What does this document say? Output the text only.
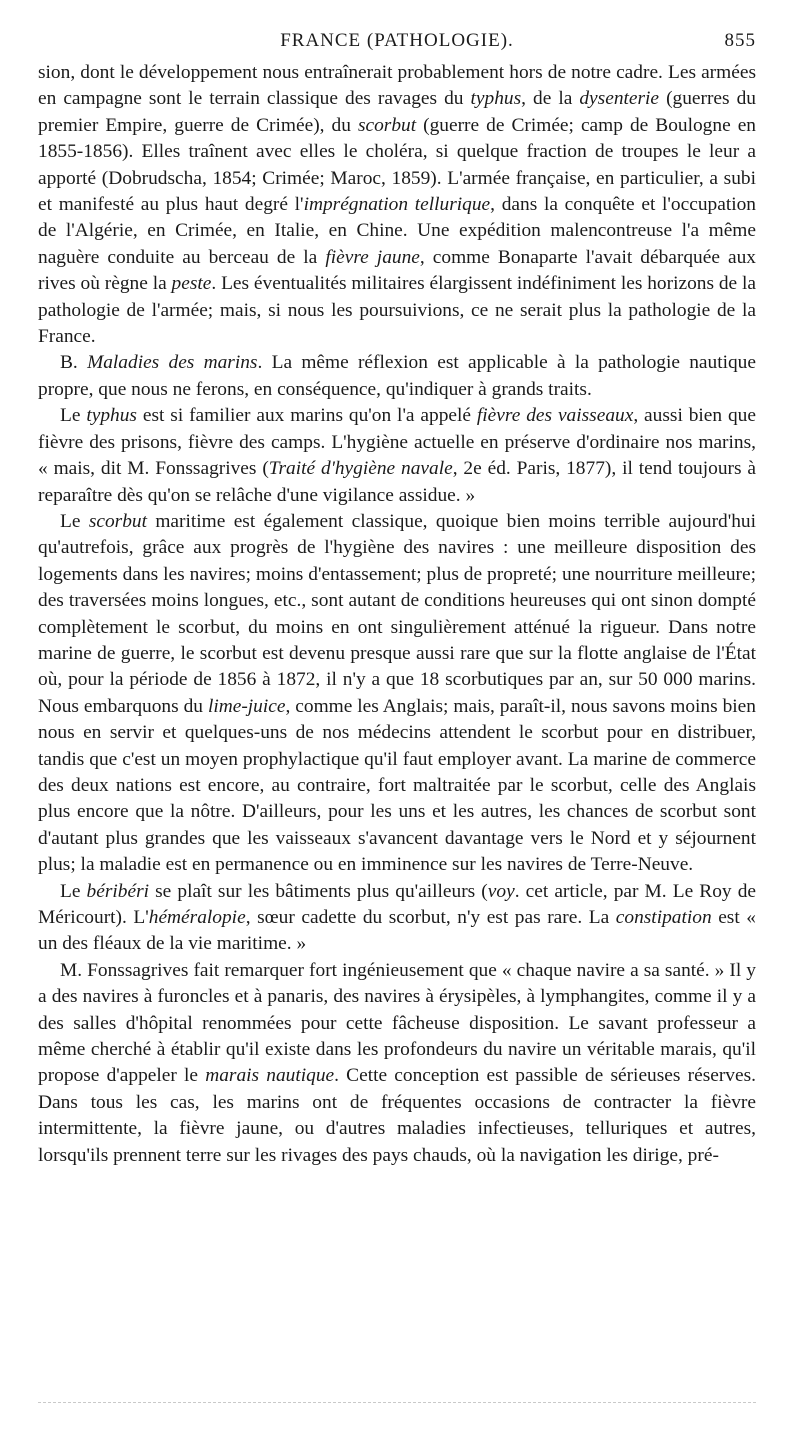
FRANCE (PATHOLOGIE).	855

sion, dont le développement nous entraînerait probablement hors de notre cadre. Les armées en campagne sont le terrain classique des ravages du typhus, de la dysenterie (guerres du premier Empire, guerre de Crimée), du scorbut (guerre de Crimée; camp de Boulogne en 1855-1856). Elles traînent avec elles le choléra, si quelque fraction de troupes le leur a apporté (Dobrudscha, 1854; Crimée; Maroc, 1859). L'armée française, en particulier, a subi et manifesté au plus haut degré l'imprégnation tellurique, dans la conquête et l'occupation de l'Algérie, en Crimée, en Italie, en Chine. Une expédition malencontreuse l'a même naguère conduite au berceau de la fièvre jaune, comme Bonaparte l'avait débarquée aux rives où règne la peste. Les éventualités militaires élargissent indéfiniment les horizons de la pathologie de l'armée; mais, si nous les poursuivions, ce ne serait plus la pathologie de la France.

B. Maladies des marins. La même réflexion est applicable à la pathologie nautique propre, que nous ne ferons, en conséquence, qu'indiquer à grands traits.

Le typhus est si familier aux marins qu'on l'a appelé fièvre des vaisseaux, aussi bien que fièvre des prisons, fièvre des camps. L'hygiène actuelle en préserve d'ordinaire nos marins, « mais, dit M. Fonssagrives (Traité d'hygiène navale, 2e éd. Paris, 1877), il tend toujours à reparaître dès qu'on se relâche d'une vigilance assidue. »

Le scorbut maritime est également classique, quoique bien moins terrible aujourd'hui qu'autrefois, grâce aux progrès de l'hygiène des navires : une meilleure disposition des logements dans les navires; moins d'entassement; plus de propreté; une nourriture meilleure; des traversées moins longues, etc., sont autant de conditions heureuses qui ont sinon dompté complètement le scorbut, du moins en ont singulièrement atténué la rigueur. Dans notre marine de guerre, le scorbut est devenu presque aussi rare que sur la flotte anglaise de l'État où, pour la période de 1856 à 1872, il n'y a que 18 scorbutiques par an, sur 50 000 marins. Nous embarquons du lime-juice, comme les Anglais; mais, paraît-il, nous savons moins bien nous en servir et quelques-uns de nos médecins attendent le scorbut pour en distribuer, tandis que c'est un moyen prophylactique qu'il faut employer avant. La marine de commerce des deux nations est encore, au contraire, fort maltraitée par le scorbut, celle des Anglais plus encore que la nôtre. D'ailleurs, pour les uns et les autres, les chances de scorbut sont d'autant plus grandes que les vaisseaux s'avancent davantage vers le Nord et y séjournent plus; la maladie est en permanence ou en imminence sur les navires de Terre-Neuve.

Le béribéri se plaît sur les bâtiments plus qu'ailleurs (voy. cet article, par M. Le Roy de Méricourt). L'héméralopie, sœur cadette du scorbut, n'y est pas rare. La constipation est « un des fléaux de la vie maritime. »

M. Fonssagrives fait remarquer fort ingénieusement que « chaque navire a sa santé. » Il y a des navires à furoncles et à panaris, des navires à érysipèles, à lymphangites, comme il y a des salles d'hôpital renommées pour cette fâcheuse disposition. Le savant professeur a même cherché à établir qu'il existe dans les profondeurs du navire un véritable marais, qu'il propose d'appeler le marais nautique. Cette conception est passible de sérieuses réserves. Dans tous les cas, les marins ont de fréquentes occasions de contracter la fièvre intermittente, la fièvre jaune, ou d'autres maladies infectieuses, telluriques et autres, lorsqu'ils prennent terre sur les rivages des pays chauds, où la navigation les dirige, pré-
